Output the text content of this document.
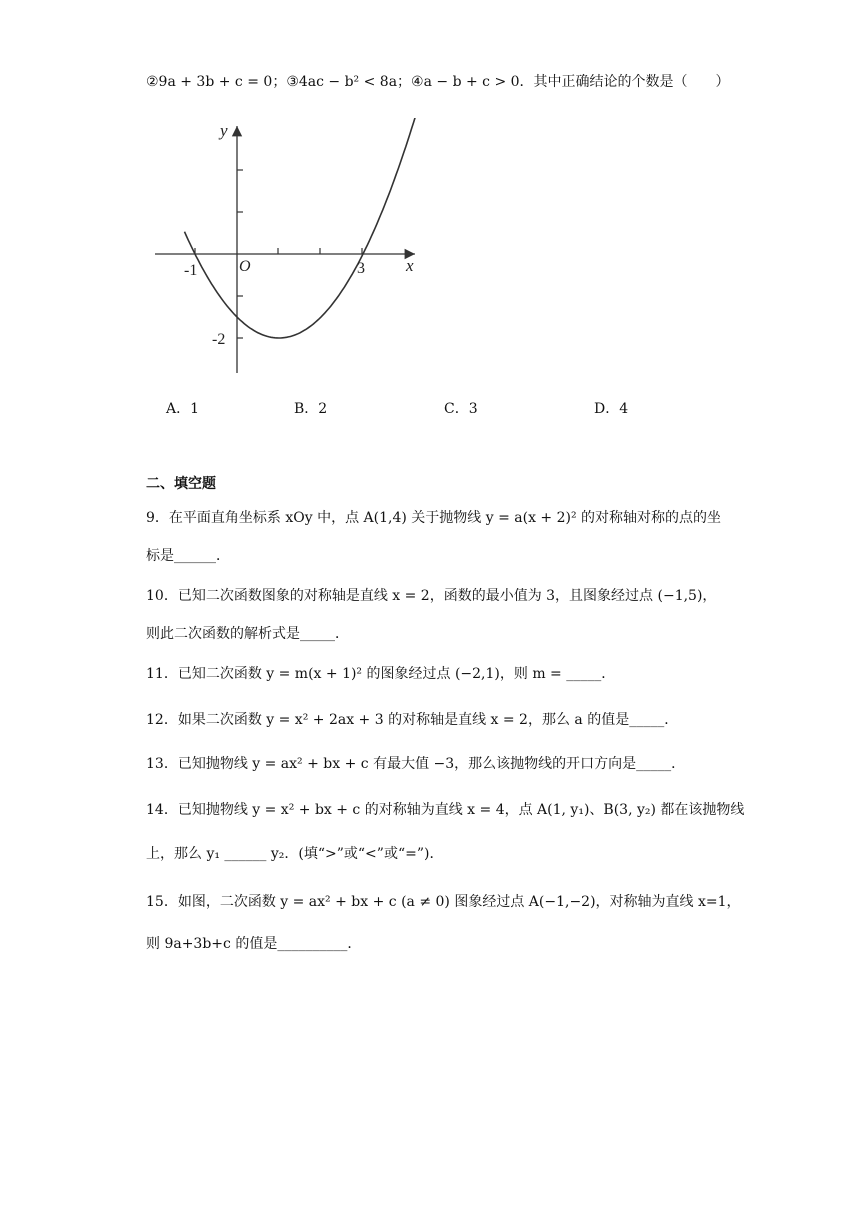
②9a + 3b + c = 0；③4ac − b² < 8a；④a − b + c > 0．其中正确结论的个数是（　　）
y
x
O
-1	3
-2
A．1	B．2	C．3	D．4
二、填空题
9．在平面直角坐标系 xOy 中，点 A(1,4) 关于抛物线 y = a(x + 2)² 的对称轴对称的点的坐
标是______．
10．已知二次函数图象的对称轴是直线 x = 2，函数的最小值为 3，且图象经过点 (−1,5)，
则此二次函数的解析式是_____．
11．已知二次函数 y = m(x + 1)² 的图象经过点 (−2,1)，则 m = _____．
12．如果二次函数 y = x² + 2ax + 3 的对称轴是直线 x = 2，那么 a 的值是_____．
13．已知抛物线 y = ax² + bx + c 有最大值 −3，那么该抛物线的开口方向是_____．
14．已知抛物线 y = x² + bx + c 的对称轴为直线 x = 4，点 A(1, y₁)、B(3, y₂) 都在该抛物线
上，那么 y₁ ______ y₂．(填“>”或“<”或“=”)．
15．如图，二次函数 y = ax² + bx + c (a ≠ 0) 图象经过点 A(−1,−2)，对称轴为直线 x=1，
则 9a+3b+c 的值是__________．
